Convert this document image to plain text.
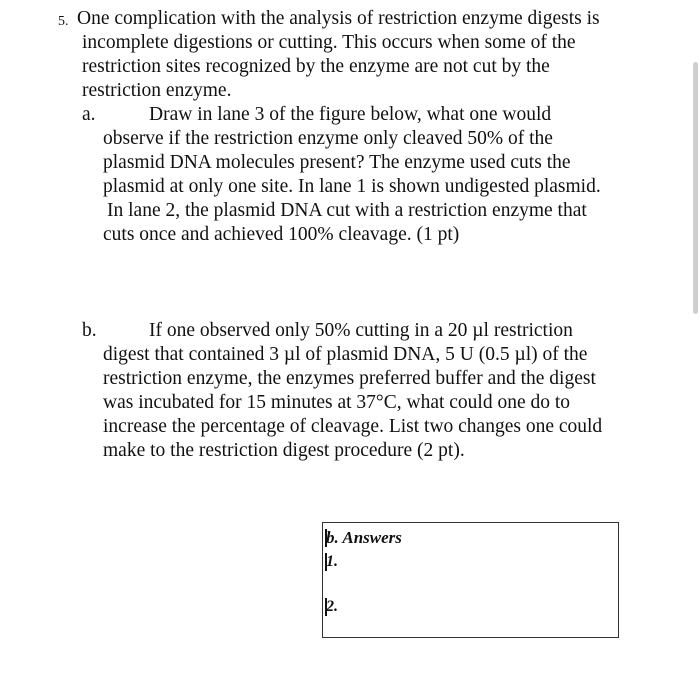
5. One complication with the analysis of restriction enzyme digests is
incomplete digestions or cutting. This occurs when some of the
restriction sites recognized by the enzyme are not cut by the
restriction enzyme.
a.	Draw in lane 3 of the figure below, what one would
observe if the restriction enzyme only cleaved 50% of the
plasmid DNA molecules present? The enzyme used cuts the
plasmid at only one site. In lane 1 is shown undigested plasmid.
In lane 2, the plasmid DNA cut with a restriction enzyme that
cuts once and achieved 100% cleavage. (1 pt)
b.	If one observed only 50% cutting in a 20 µl restriction
digest that contained 3 µl of plasmid DNA, 5 U (0.5 µl) of the
restriction enzyme, the enzymes preferred buffer and the digest
was incubated for 15 minutes at 37°C, what could one do to
increase the percentage of cleavage. List two changes one could
make to the restriction digest procedure (2 pt).
b. Answers
1.
2.
